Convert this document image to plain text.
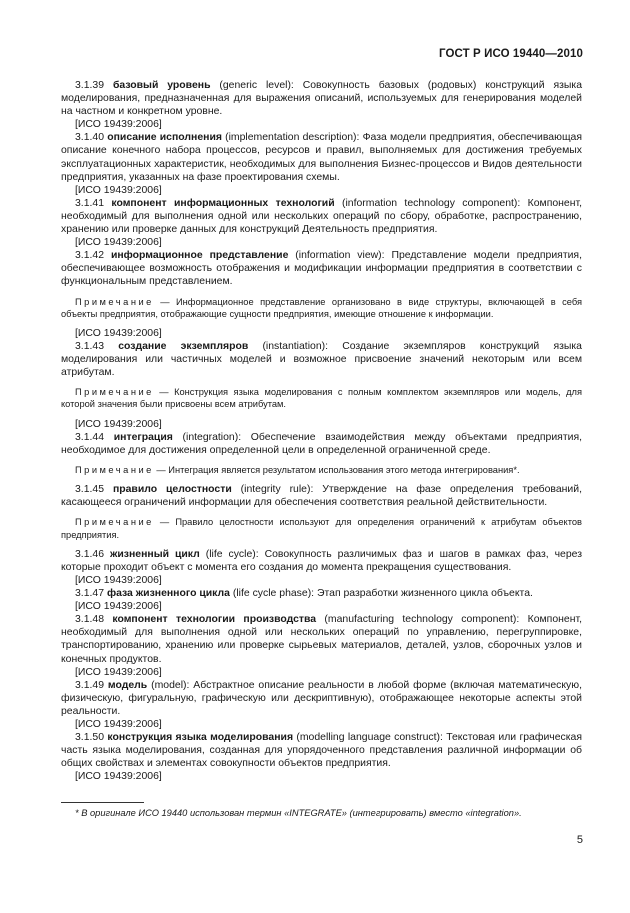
ГОСТ Р ИСО 19440—2010

3.1.39 базовый уровень (generic level): Совокупность базовых (родовых) конструкций языка моделирования, предназначенная для выражения описаний, используемых для генерирования моделей на частном и конкретном уровне.

[ИСО 19439:2006]

3.1.40 описание исполнения (implementation description): Фаза модели предприятия, обеспечивающая описание конечного набора процессов, ресурсов и правил, выполняемых для достижения требуемых эксплуатационных характеристик, необходимых для выполнения Бизнес-процессов и Видов деятельности предприятия, указанных на фазе проектирования схемы.

[ИСО 19439:2006]

3.1.41 компонент информационных технологий (information technology component): Компонент, необходимый для выполнения одной или нескольких операций по сбору, обработке, распространению, хранению или проверке данных для конструкций Деятельность предприятия.

[ИСО 19439:2006]

3.1.42 информационное представление (information view): Представление модели предприятия, обеспечивающее возможность отображения и модификации информации предприятия в соответствии с функциональным представлением.

Примечание — Информационное представление организовано в виде структуры, включающей в себя объекты предприятия, отображающие сущности предприятия, имеющие отношение к информации.

[ИСО 19439:2006]

3.1.43 создание экземпляров (instantiation): Создание экземпляров конструкций языка моделирования или частичных моделей и возможное присвоение значений некоторым или всем атрибутам.

Примечание — Конструкция языка моделирования с полным комплектом экземпляров или модель, для которой значения были присвоены всем атрибутам.

[ИСО 19439:2006]

3.1.44 интеграция (integration): Обеспечение взаимодействия между объектами предприятия, необходимое для достижения определенной цели в определенной ограниченной среде.

Примечание — Интеграция является результатом использования этого метода интегрирования*.

3.1.45 правило целостности (integrity rule): Утверждение на фазе определения требований, касающееся ограничений информации для обеспечения соответствия реальной действительности.

Примечание — Правило целостности используют для определения ограничений к атрибутам объектов предприятия.

3.1.46 жизненный цикл (life cycle): Совокупность различимых фаз и шагов в рамках фаз, через которые проходит объект с момента его создания до момента прекращения существования.

[ИСО 19439:2006]

3.1.47 фаза жизненного цикла (life cycle phase): Этап разработки жизненного цикла объекта.

[ИСО 19439:2006]

3.1.48 компонент технологии производства (manufacturing technology component): Компонент, необходимый для выполнения одной или нескольких операций по управлению, перегруппировке, транспортированию, хранению или проверке сырьевых материалов, деталей, узлов, сборочных узлов и конечных продуктов.

[ИСО 19439:2006]

3.1.49 модель (model): Абстрактное описание реальности в любой форме (включая математическую, физическую, фигуральную, графическую или дескриптивную), отображающее некоторые аспекты этой реальности.

[ИСО 19439:2006]

3.1.50 конструкция языка моделирования (modelling language construct): Текстовая или графическая часть языка моделирования, созданная для упорядоченного представления различной информации об общих свойствах и элементах совокупности объектов предприятия.

[ИСО 19439:2006]

* В оригинале ИСО 19440 использован термин «INTEGRATE» (интегрировать) вместо «integration».
5
